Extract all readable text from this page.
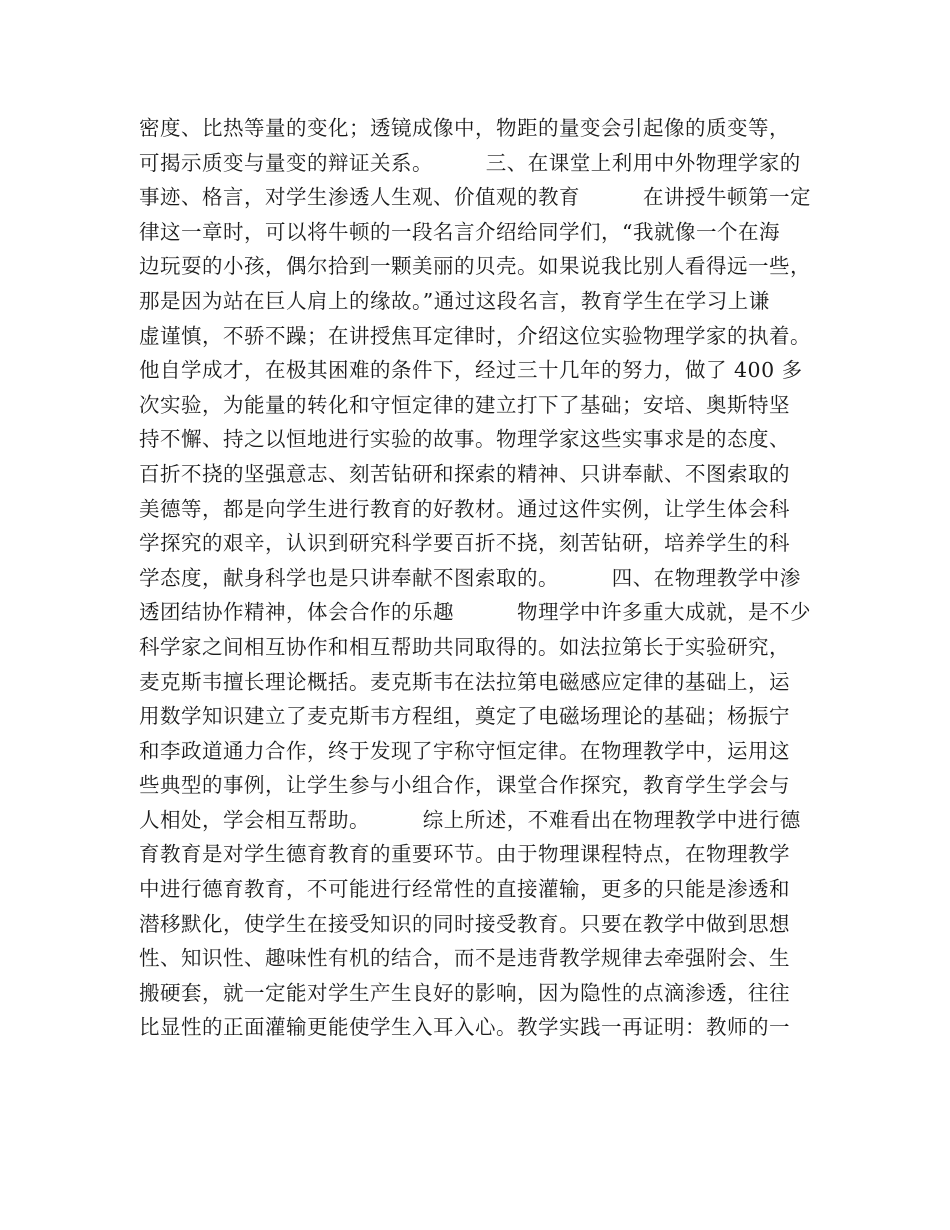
密度、比热等量的变化；透镜成像中，物距的量变会引起像的质变等，
可揭示质变与量变的辩证关系。　　　三、在课堂上利用中外物理学家的
事迹、格言，对学生渗透人生观、价值观的教育　　　在讲授牛顿第一定
律这一章时，可以将牛顿的一段名言介绍给同学们，“我就像一个在海
边玩耍的小孩，偶尔拾到一颗美丽的贝壳。如果说我比别人看得远一些，
那是因为站在巨人肩上的缘故。”通过这段名言，教育学生在学习上谦
虚谨慎，不骄不躁；在讲授焦耳定律时，介绍这位实验物理学家的执着。
他自学成才，在极其困难的条件下，经过三十几年的努力，做了 400 多
次实验，为能量的转化和守恒定律的建立打下了基础；安培、奥斯特坚
持不懈、持之以恒地进行实验的故事。物理学家这些实事求是的态度、
百折不挠的坚强意志、刻苦钻研和探索的精神、只讲奉献、不图索取的
美德等，都是向学生进行教育的好教材。通过这件实例，让学生体会科
学探究的艰辛，认识到研究科学要百折不挠，刻苦钻研，培养学生的科
学态度，献身科学也是只讲奉献不图索取的。　　　四、在物理教学中渗
透团结协作精神，体会合作的乐趣　　　物理学中许多重大成就，是不少
科学家之间相互协作和相互帮助共同取得的。如法拉第长于实验研究，
麦克斯韦擅长理论概括。麦克斯韦在法拉第电磁感应定律的基础上，运
用数学知识建立了麦克斯韦方程组，奠定了电磁场理论的基础；杨振宁
和李政道通力合作，终于发现了宇称守恒定律。在物理教学中，运用这
些典型的事例，让学生参与小组合作，课堂合作探究，教育学生学会与
人相处，学会相互帮助。　　　综上所述，不难看出在物理教学中进行德
育教育是对学生德育教育的重要环节。由于物理课程特点，在物理教学
中进行德育教育，不可能进行经常性的直接灌输，更多的只能是渗透和
潜移默化，使学生在接受知识的同时接受教育。只要在教学中做到思想
性、知识性、趣味性有机的结合，而不是违背教学规律去牵强附会、生
搬硬套，就一定能对学生产生良好的影响，因为隐性的点滴渗透，往往
比显性的正面灌输更能使学生入耳入心。教学实践一再证明：教师的一
